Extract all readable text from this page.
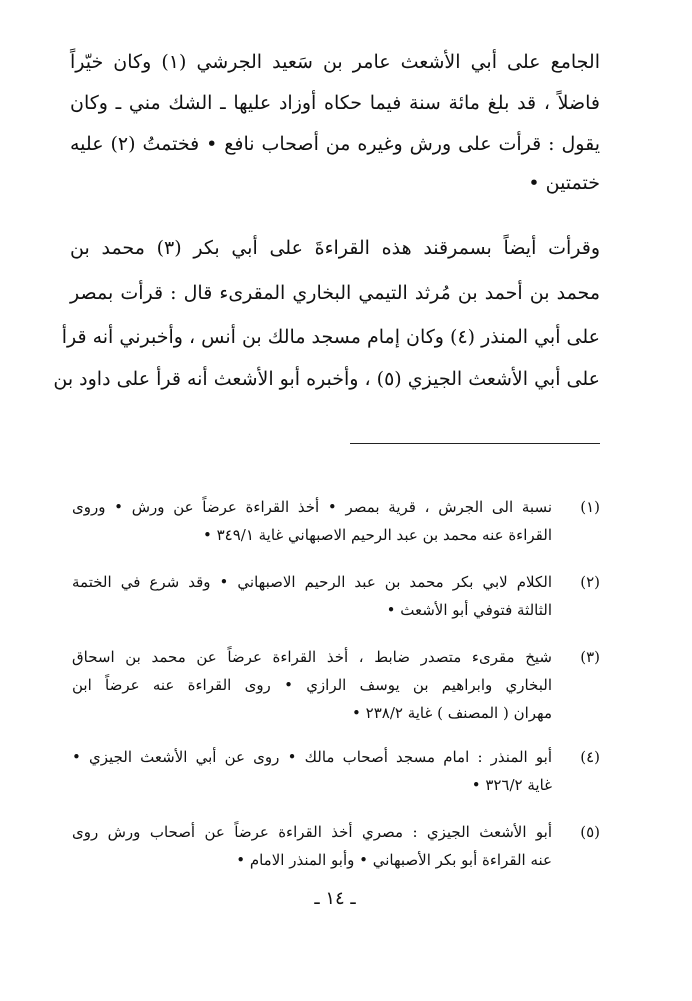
الجامع على أبي الأشعث عامر بن سَعيد الجرشي (١) وكان خيّراً
فاضلاً ، قد بلغ مائة سنة فيما حكاه أوزاد عليها ـ الشك مني ـ وكان
يقول : قرأت على ورش وغيره من أصحاب نافع • فختمتُ (٢) عليه
ختمتين •
وقرأت أيضاً بسمرقند هذه القراءةَ على أبي بكر (٣) محمد بن
محمد بن أحمد بن مُرثد التيمي البخاري المقرىء قال : قرأت بمصر
على أبي المنذر (٤) وكان إمام مسجد مالك بن أنس ، وأخبرني أنه قرأ
على أبي الأشعث الجيزي (٥) ، وأخبره أبو الأشعث أنه قرأ على داود بن
(١)
نسبة الى الجرش ، قرية بمصر • أخذ القراءة عرضاً عن ورش • وروى
القراءة عنه محمد بن عبد الرحيم الاصبهاني غاية ٣٤٩/١ •
(٢)
الكلام لابي بكر محمد بن عبد الرحيم الاصبهاني • وقد شرع في الختمة
الثالثة فتوفي أبو الأشعث •
(٣)
شيخ مقرىء متصدر ضابط ، أخذ القراءة عرضاً عن محمد بن اسحاق
البخاري وابراهيم بن يوسف الرازي • روى القراءة عنه عرضاً ابن
مهران ( المصنف ) غاية ٢٣٨/٢ •
(٤)
أبو المنذر : امام مسجد أصحاب مالك • روى عن أبي الأشعث الجيزي •
غاية ٣٢٦/٢ •
(٥)
أبو الأشعث الجيزي : مصري أخذ القراءة عرضاً عن أصحاب ورش روى
عنه القراءة أبو بكر الأصبهاني • وأبو المنذر الامام •
ـ ١٤ ـ
